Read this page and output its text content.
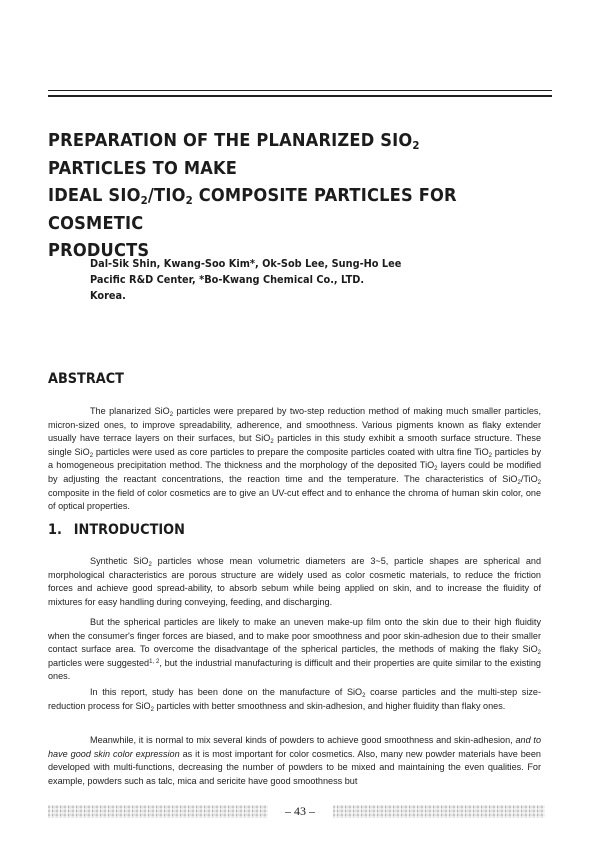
PREPARATION OF THE PLANARIZED $SIO_2$ PARTICLES TO MAKE
IDEAL $SIO_2/TIO_2$ COMPOSITE PARTICLES FOR COSMETIC
PRODUCTS
Dal-Sik Shin, Kwang-Soo Kim*, Ok-Sob Lee, Sung-Ho Lee
Pacific R&D Center, *Bo-Kwang Chemical Co., LTD.
Korea.
ABSTRACT
The planarized SiO$_2$ particles were prepared by two-step reduction method of making much smaller particles, micron-sized ones, to improve spreadability, adherence, and smoothness. Various pigments known as flaky extender usually have terrace layers on their surfaces, but SiO$_2$ particles in this study exhibit a smooth surface structure. These single SiO$_2$ particles were used as core particles to prepare the composite particles coated with ultra fine TiO$_2$ particles by a homogeneous precipitation method. The thickness and the morphology of the deposited TiO$_2$ layers could be modified by adjusting the reactant concentrations, the reaction time and the temperature. The characteristics of SiO$_2$/TiO$_2$ composite in the field of color cosmetics are to give an UV-cut effect and to enhance the chroma of human skin color, one of optical properties.
1. INTRODUCTION
Synthetic SiO$_2$ particles whose mean volumetric diameters are 3~5, particle shapes are spherical and morphological characteristics are porous structure are widely used as color cosmetic materials, to reduce the friction forces and achieve good spread-ability, to absorb sebum while being applied on skin, and to increase the fluidity of mixtures for easy handling during conveying, feeding, and discharging.
But the spherical particles are likely to make an uneven make-up film onto the skin due to their high fluidity when the consumer's finger forces are biased, and to make poor smoothness and poor skin-adhesion due to their smaller contact surface area. To overcome the disadvantage of the spherical particles, the methods of making the flaky SiO$_2$ particles were suggested$^{1, 2}$, but the industrial manufacturing is difficult and their properties are quite similar to the existing ones.
In this report, study has been done on the manufacture of SiO$_2$ coarse particles and the multi-step size-reduction process for SiO$_2$ particles with better smoothness and skin-adhesion, and higher fluidity than flaky ones.
Meanwhile, it is normal to mix several kinds of powders to achieve good smoothness and skin-adhesion, and to have good skin color expression as it is most important for color cosmetics. Also, many new powder materials have been developed with multi-functions, decreasing the number of powders to be mixed and maintaining the even qualities. For example, powders such as talc, mica and sericite have good smoothness but
– 43 –
